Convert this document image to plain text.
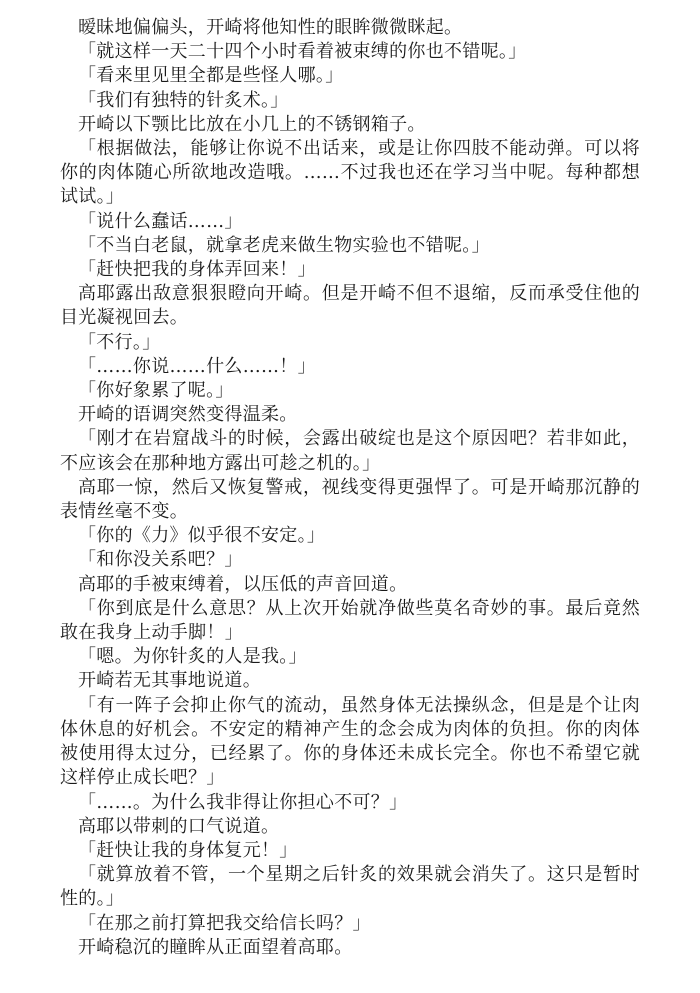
暧昧地偏偏头，开崎将他知性的眼眸微微眯起。

「就这样一天二十四个小时看着被束缚的你也不错呢。」

「看来里见里全都是些怪人哪。」

「我们有独特的针炙术。」

开崎以下颚比比放在小几上的不锈钢箱子。

「根据做法，能够让你说不出话来，或是让你四肢不能动弹。可以将你的肉体随心所欲地改造哦。……不过我也还在学习当中呢。每种都想试试。」

「说什么蠢话……」

「不当白老鼠，就拿老虎来做生物实验也不错呢。」

「赶快把我的身体弄回来！」

高耶露出敌意狠狠瞪向开崎。但是开崎不但不退缩，反而承受住他的目光凝视回去。

「不行。」

「……你说……什么……！」

「你好象累了呢。」

开崎的语调突然变得温柔。

「刚才在岩窟战斗的时候，会露出破绽也是这个原因吧？若非如此，不应该会在那种地方露出可趁之机的。」

高耶一惊，然后又恢复警戒，视线变得更强悍了。可是开崎那沉静的表情丝毫不变。

「你的《力》似乎很不安定。」

「和你没关系吧？」

高耶的手被束缚着，以压低的声音回道。

「你到底是什么意思？从上次开始就净做些莫名奇妙的事。最后竟然敢在我身上动手脚！」

「嗯。为你针炙的人是我。」

开崎若无其事地说道。

「有一阵子会抑止你气的流动，虽然身体无法操纵念，但是是个让肉体休息的好机会。不安定的精神产生的念会成为肉体的负担。你的肉体被使用得太过分，已经累了。你的身体还未成长完全。你也不希望它就这样停止成长吧？」

「……。为什么我非得让你担心不可？」

高耶以带刺的口气说道。

「赶快让我的身体复元！」

「就算放着不管，一个星期之后针炙的效果就会消失了。这只是暂时性的。」

「在那之前打算把我交给信长吗？」

开崎稳沉的瞳眸从正面望着高耶。
